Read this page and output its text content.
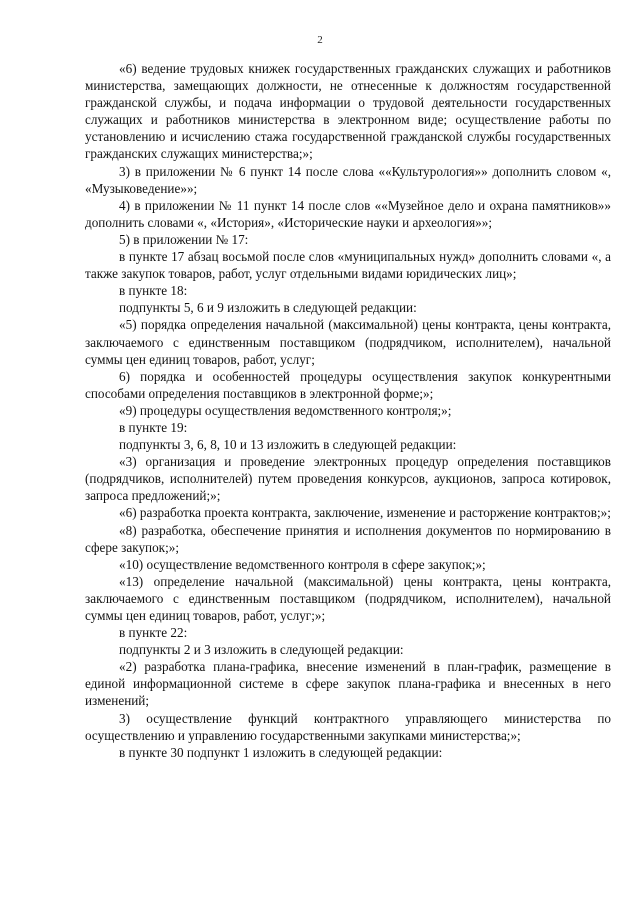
2

«6) ведение трудовых книжек государственных гражданских служащих и работников министерства, замещающих должности, не отнесенные к должностям государственной гражданской службы, и подача информации о трудовой деятельности государственных служащих и работников министерства в электронном виде; осуществление работы по установлению и исчислению стажа государственной гражданской службы государственных гражданских служащих министерства;»;

3) в приложении № 6 пункт 14 после слова ««Культурология»» дополнить словом «, «Музыковедение»»;

4) в приложении № 11 пункт 14 после слов ««Музейное дело и охрана памятников»» дополнить словами «, «История», «Исторические науки и археология»»;

5) в приложении № 17:

в пункте 17 абзац восьмой после слов «муниципальных нужд» дополнить словами «, а также закупок товаров, работ, услуг отдельными видами юридических лиц»;

в пункте 18:

подпункты 5, 6 и 9 изложить в следующей редакции:

«5) порядка определения начальной (максимальной) цены контракта, цены контракта, заключаемого с единственным поставщиком (подрядчиком, исполнителем), начальной суммы цен единиц товаров, работ, услуг;

6) порядка и особенностей процедуры осуществления закупок конкурентными способами определения поставщиков в электронной форме;»;

«9) процедуры осуществления ведомственного контроля;»;

в пункте 19:

подпункты 3, 6, 8, 10 и 13 изложить в следующей редакции:

«3) организация и проведение электронных процедур определения поставщиков (подрядчиков, исполнителей) путем проведения конкурсов, аукционов, запроса котировок, запроса предложений;»;

«6) разработка проекта контракта, заключение, изменение и расторжение контрактов;»;

«8) разработка, обеспечение принятия и исполнения документов по нормированию в сфере закупок;»;

«10) осуществление ведомственного контроля в сфере закупок;»;

«13) определение начальной (максимальной) цены контракта, цены контракта, заключаемого с единственным поставщиком (подрядчиком, исполнителем), начальной суммы цен единиц товаров, работ, услуг;»;

в пункте 22:

подпункты 2 и 3 изложить в следующей редакции:

«2) разработка плана-графика, внесение изменений в план-график, размещение в единой информационной системе в сфере закупок плана-графика и внесенных в него изменений;

3) осуществление функций контрактного управляющего министерства по осуществлению и управлению государственными закупками министерства;»;

в пункте 30 подпункт 1 изложить в следующей редакции:
